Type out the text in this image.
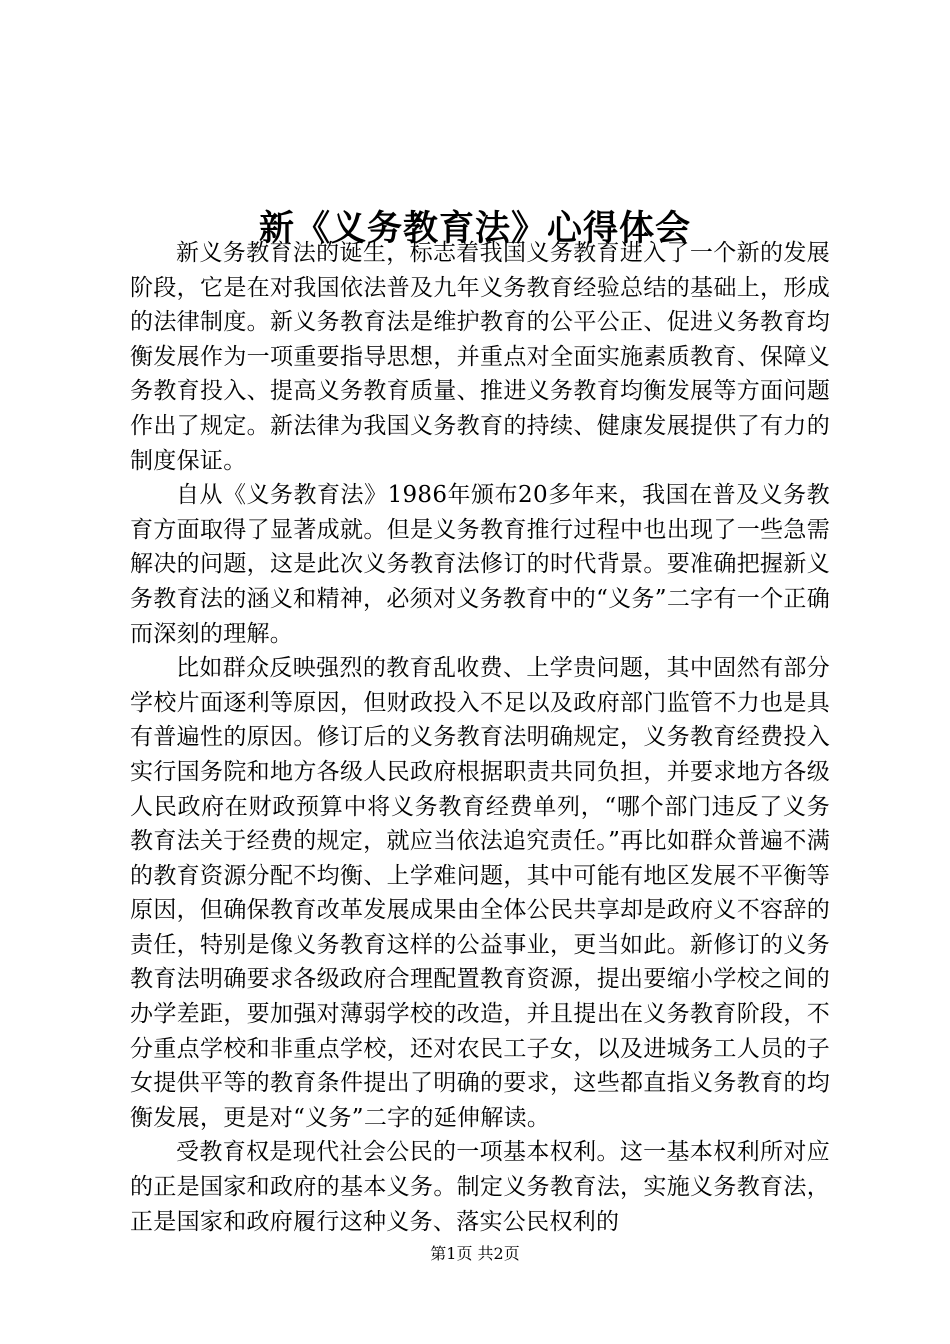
新《义务教育法》心得体会

新义务教育法的诞生，标志着我国义务教育进入了一个新的发展阶段，它是在对我国依法普及九年义务教育经验总结的基础上，形成的法律制度。新义务教育法是维护教育的公平公正、促进义务教育均衡发展作为一项重要指导思想，并重点对全面实施素质教育、保障义务教育投入、提高义务教育质量、推进义务教育均衡发展等方面问题作出了规定。新法律为我国义务教育的持续、健康发展提供了有力的制度保证。

自从《义务教育法》1986年颁布20多年来，我国在普及义务教育方面取得了显著成就。但是义务教育推行过程中也出现了一些急需解决的问题，这是此次义务教育法修订的时代背景。要准确把握新义务教育法的涵义和精神，必须对义务教育中的“义务”二字有一个正确而深刻的理解。

比如群众反映强烈的教育乱收费、上学贵问题，其中固然有部分学校片面逐利等原因，但财政投入不足以及政府部门监管不力也是具有普遍性的原因。修订后的义务教育法明确规定，义务教育经费投入实行国务院和地方各级人民政府根据职责共同负担，并要求地方各级人民政府在财政预算中将义务教育经费单列，“哪个部门违反了义务教育法关于经费的规定，就应当依法追究责任。”再比如群众普遍不满的教育资源分配不均衡、上学难问题，其中可能有地区发展不平衡等原因，但确保教育改革发展成果由全体公民共享却是政府义不容辞的责任，特别是像义务教育这样的公益事业，更当如此。新修订的义务教育法明确要求各级政府合理配置教育资源，提出要缩小学校之间的办学差距，要加强对薄弱学校的改造，并且提出在义务教育阶段，不分重点学校和非重点学校，还对农民工子女，以及进城务工人员的子女提供平等的教育条件提出了明确的要求，这些都直指义务教育的均衡发展，更是对“义务”二字的延伸解读。

受教育权是现代社会公民的一项基本权利。这一基本权利所对应的正是国家和政府的基本义务。制定义务教育法，实施义务教育法，正是国家和政府履行这种义务、落实公民权利的

第1页 共2页
